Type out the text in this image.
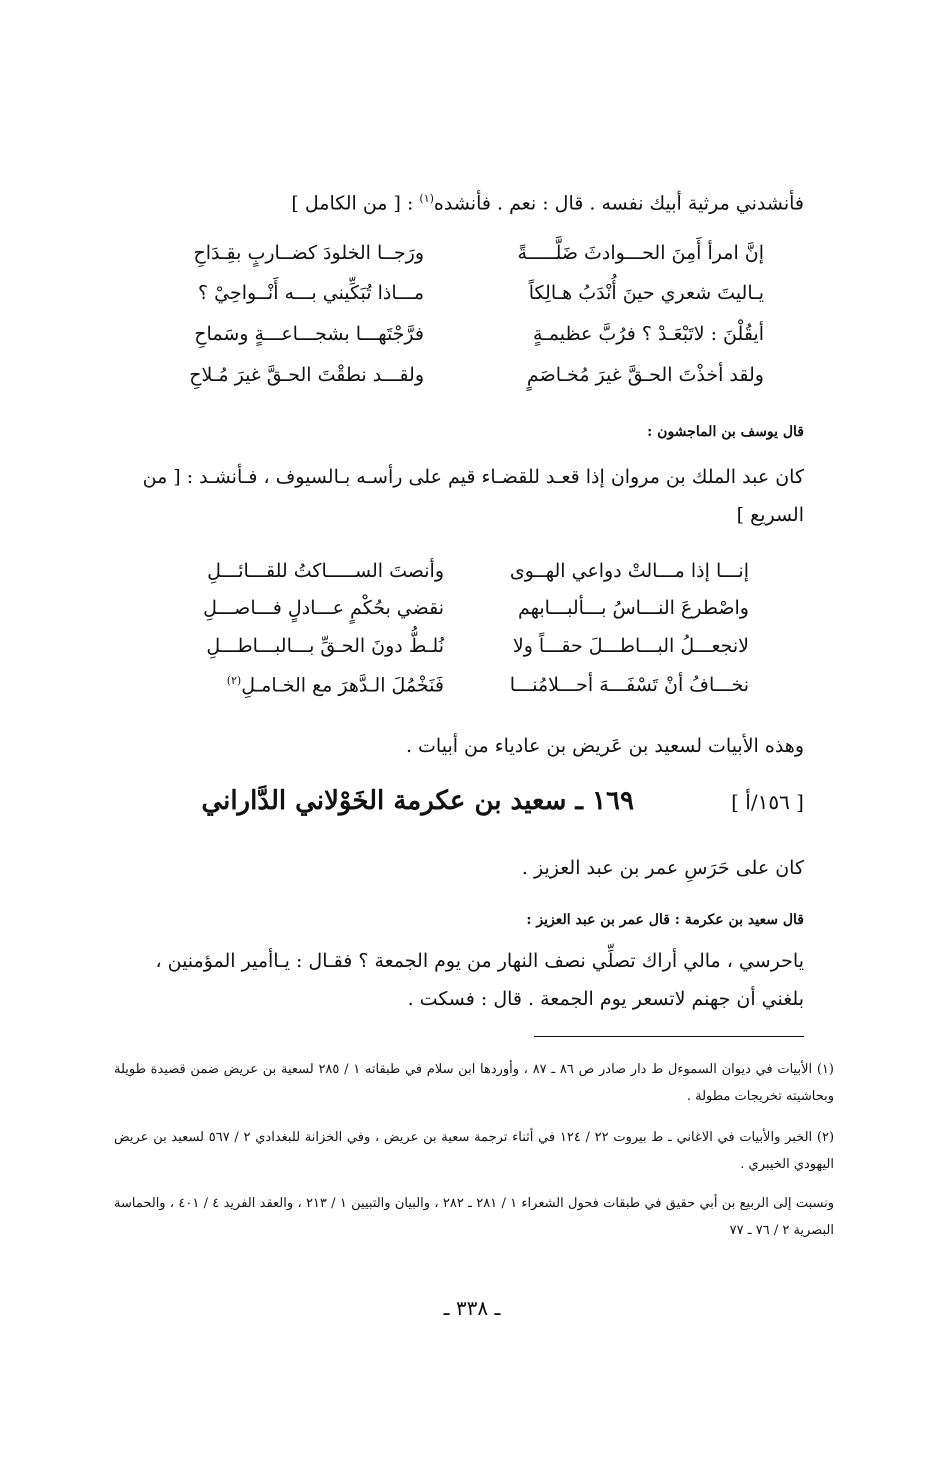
فأنشدني مرثية أبيك نفسه . قال : نعم . فأنشده$^{(١)}$ : [ من الكامل ]
إنَّ امرأ أَمِنَ الحـــوادثَ ضَلَّـــــةً
ورَجــا الخلودَ كضــاربٍ بقِـدَاحِ
يـاليتَ شعري حينَ أُنْدَبُ هـالِكاً
مـــاذا تُبَكِّيني بـــه أَنْــواحِيْ ؟
أيقُلْنَ : لاتَبْعَـدْ ؟ فرُبَّ عظيمـةٍ
فرَّجْتَهـــا بشجـــاعـــةٍ وسَماحِ
ولقد أخذْتَ الحـقَّ غيرَ مُخـاصَمٍ
ولقـــد نطقْتَ الحـقَّ غيرَ مُـلاحِ
قال يوسف بن الماجشون :
كان عبد الملك بن مروان إذا قعـد للقضـاء قيم على رأسـه بـالسيوف ، فـأنشـد : [ من السريع ]
إنـــا إذا مـــالتْ دواعي الهــوى
وأنصتَ الســـــاكتُ للقـــائـــلِ
واصْطرعَ النـــاسُ بـــألبـــابهم
نقضي بحُكْمٍ عـــادلٍ فـــاصـــلِ
لانجعـــلُ البـــاطـــلَ حقـــاً ولا
نُلـطُّ دونَ الحـقِّ بـــالبـــاطـــلِ
نخـــافُ أنْ تَسْفَـــهَ أحـــلامُنـــا
فَنَخْمُلَ الـدَّهرَ مع الخـامـلِ$^{(٢)}$
وهذه الأبيات لسعيد بن عَريض بن عادياء من أبيات .
[ ١٥٦/أ ]
١٦٩ ـ سعيد بن عكرمة الخَوْلاني الدَّاراني
كان على حَرَسِ عمر بن عبد العزيز .
قال سعيد بن عكرمة : قال عمر بن عبد العزيز :
ياحرسي ، مالي أراك تصلِّي نصف النهار من يوم الجمعة ؟ فقـال : يـاأمير المؤمنين ، بلغني أن جهنم لاتسعر يوم الجمعة . قال : فسكت .
(١) الأبيات في ديوان السموءل ط دار صادر ص ٨٦ ـ ٨٧ ، وأوردها ابن سلام في طبقاته ١ / ٢٨٥ لسعية بن عريض ضمن قصيدة طويلة وبحاشيته تخريجات مطولة .
(٢) الخبر والأبيات في الاغاني ـ ط بيروت ٢٢ / ١٢٤ في أثناء ترجمة سعية بن عريض ، وفي الخزانة للبغدادي ٢ / ٥٦٧ لسعيد بن عريض اليهودي الخيبري .
ونسبت إلى الربيع بن أبي حقيق في طبقات فحول الشعراء ١ / ٢٨١ ـ ٢٨٢ ، والبيان والتبيين ١ / ٢١٣ ، والعقد الفريد ٤ / ٤٠١ ، والحماسة البصرية ٢ / ٧٦ ـ ٧٧
ـ ٣٣٨ ـ
